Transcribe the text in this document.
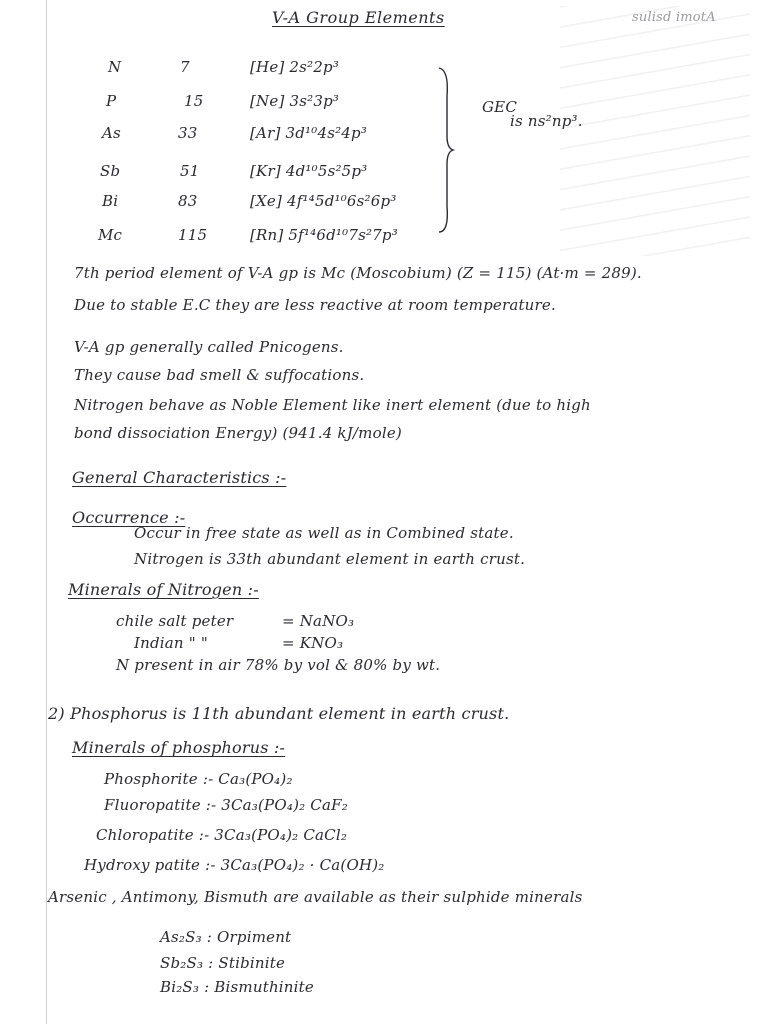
V-A Group Elements	sulisd imotA
N	7	[He] 2s²2p³
P	15	[Ne] 3s²3p³
As	33	[Ar] 3d¹⁰4s²4p³
Sb	51	[Kr] 4d¹⁰5s²5p³
Bi	83	[Xe] 4f¹⁴5d¹⁰6s²6p³
Mc	115	[Rn] 5f¹⁴6d¹⁰7s²7p³
GEC
is ns²np³.
7th period element of V-A gp is Mc (Moscobium) (Z = 115) (At·m = 289).
Due to stable E.C they are less reactive at room temperature.
V-A gp generally called Pnicogens.
They cause bad smell & suffocations.
Nitrogen behave as Noble Element like inert element (due to high
bond dissociation Energy) (941.4 kJ/mole)
General Characteristics :-
Occurrence :-
Occur in free state as well as in Combined state.
Nitrogen is 33th abundant element in earth crust.
Minerals of Nitrogen :-
chile salt peter	= NaNO₃
Indian " "	= KNO₃
N present in air 78% by vol & 80% by wt.
2) Phosphorus is 11th abundant element in earth crust.
Minerals of phosphorus :-
Phosphorite :- Ca₃(PO₄)₂
Fluoropatite :- 3Ca₃(PO₄)₂ CaF₂
Chloropatite :- 3Ca₃(PO₄)₂ CaCl₂
Hydroxy patite :- 3Ca₃(PO₄)₂ · Ca(OH)₂
Arsenic , Antimony, Bismuth are available as their sulphide minerals
As₂S₃ : Orpiment
Sb₂S₃ : Stibinite
Bi₂S₃ : Bismuthinite
